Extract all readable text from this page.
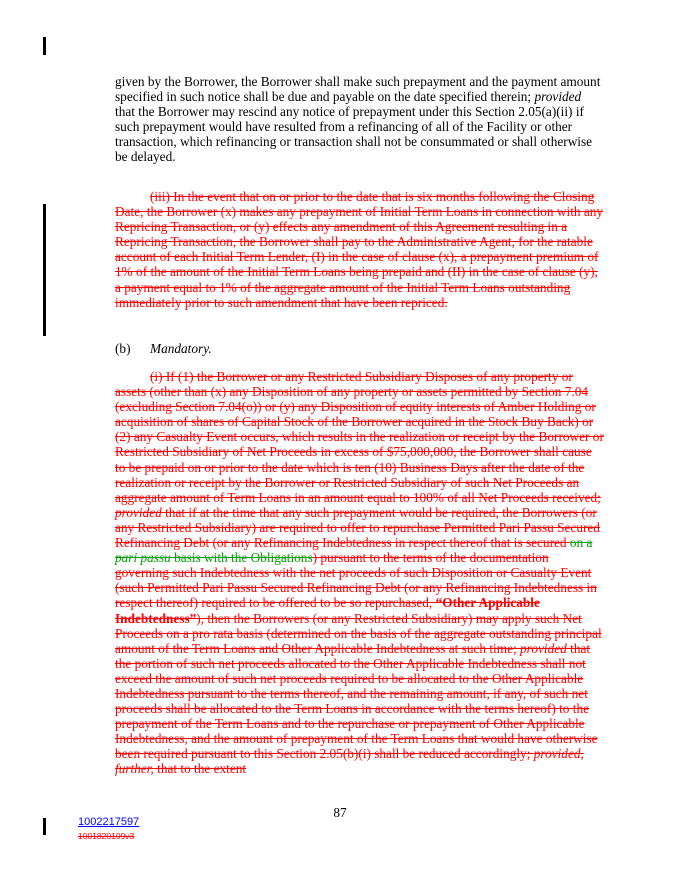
given by the Borrower, the Borrower shall make such prepayment and the payment amount specified in such notice shall be due and payable on the date specified therein; provided that the Borrower may rescind any notice of prepayment under this Section 2.05(a)(ii) if such prepayment would have resulted from a refinancing of all of the Facility or other transaction, which refinancing or transaction shall not be consummated or shall otherwise be delayed.

(iii) In the event that on or prior to the date that is six months following the Closing Date, the Borrower (x) makes any prepayment of Initial Term Loans in connection with any Repricing Transaction, or (y) effects any amendment of this Agreement resulting in a Repricing Transaction, the Borrower shall pay to the Administrative Agent, for the ratable account of each Initial Term Lender, (I) in the case of clause (x), a prepayment premium of 1% of the amount of the Initial Term Loans being prepaid and (II) in the case of clause (y), a payment equal to 1% of the aggregate amount of the Initial Term Loans outstanding immediately prior to such amendment that have been repriced.

(b) Mandatory.

(i) If (1) the Borrower or any Restricted Subsidiary Disposes of any property or assets (other than (x) any Disposition of any property or assets permitted by Section 7.04 (excluding Section 7.04(o)) or (y) any Disposition of equity interests of Amber Holding or acquisition of shares of Capital Stock of the Borrower acquired in the Stock Buy Back) or (2) any Casualty Event occurs, which results in the realization or receipt by the Borrower or Restricted Subsidiary of Net Proceeds in excess of $75,000,000, the Borrower shall cause to be prepaid on or prior to the date which is ten (10) Business Days after the date of the realization or receipt by the Borrower or Restricted Subsidiary of such Net Proceeds an aggregate amount of Term Loans in an amount equal to 100% of all Net Proceeds received; provided that if at the time that any such prepayment would be required, the Borrowers (or any Restricted Subsidiary) are required to offer to repurchase Permitted Pari Passu Secured Refinancing Debt (or any Refinancing Indebtedness in respect thereof that is secured on a pari passu basis with the Obligations) pursuant to the terms of the documentation governing such Indebtedness with the net proceeds of such Disposition or Casualty Event (such Permitted Pari Passu Secured Refinancing Debt (or any Refinancing Indebtedness in respect thereof) required to be offered to be so repurchased, “Other Applicable Indebtedness”), then the Borrowers (or any Restricted Subsidiary) may apply such Net Proceeds on a pro rata basis (determined on the basis of the aggregate outstanding principal amount of the Term Loans and Other Applicable Indebtedness at such time; provided that the portion of such net proceeds allocated to the Other Applicable Indebtedness shall not exceed the amount of such net proceeds required to be allocated to the Other Applicable Indebtedness pursuant to the terms thereof, and the remaining amount, if any, of such net proceeds shall be allocated to the Term Loans in accordance with the terms hereof) to the prepayment of the Term Loans and to the repurchase or prepayment of Other Applicable Indebtedness, and the amount of prepayment of the Term Loans that would have otherwise been required pursuant to this Section 2.05(b)(i) shall be reduced accordingly; provided, further, that to the extent

87
1002217597
1001820109v3
